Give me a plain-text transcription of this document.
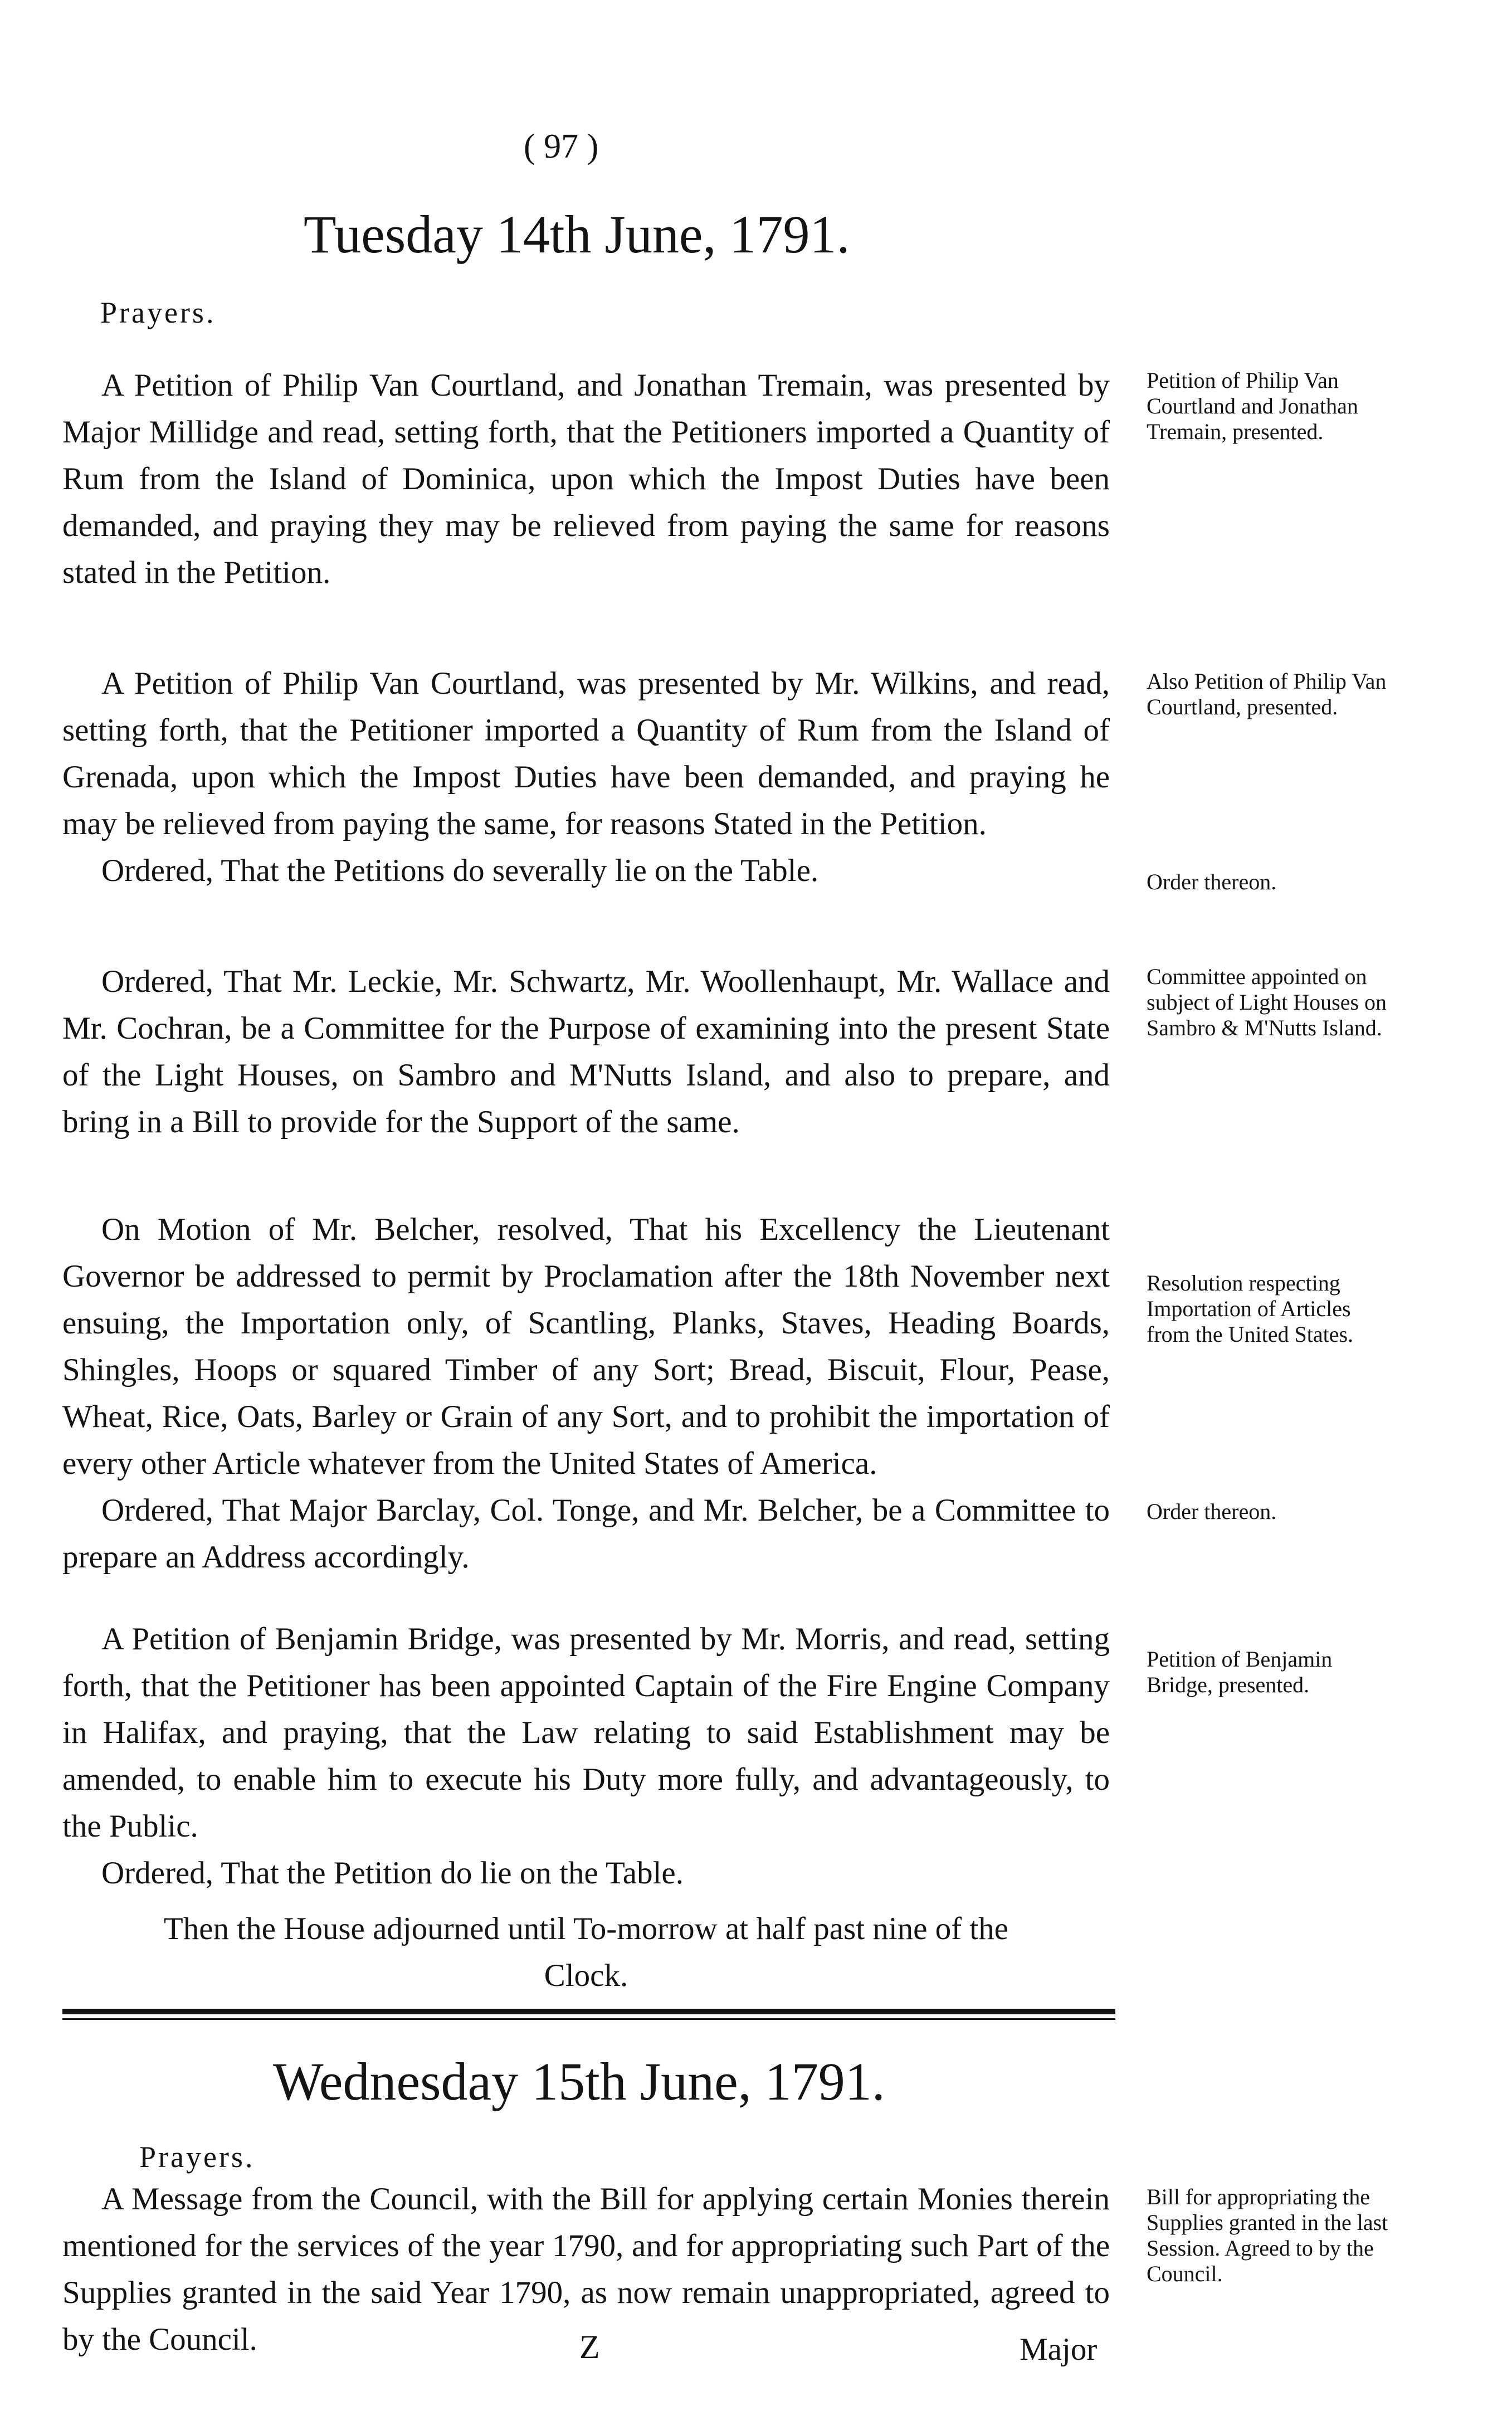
( 97 )
Tuesday 14th June, 1791.
Prayers.

A Petition of Philip Van Courtland, and Jonathan Tremain, was presented by Major Millidge and read, setting forth, that the Petitioners imported a Quantity of Rum from the Island of Dominica, upon which the Impost Duties have been demanded, and praying they may be relieved from paying the same for reasons stated in the Petition.

A Petition of Philip Van Courtland, was presented by Mr. Wilkins, and read, setting forth, that the Petitioner imported a Quantity of Rum from the Island of Grenada, upon which the Impost Duties have been demanded, and praying he may be relieved from paying the same, for reasons Stated in the Petition.

Ordered, That the Petitions do severally lie on the Table.

Ordered, That Mr. Leckie, Mr. Schwartz, Mr. Woollenhaupt, Mr. Wallace and Mr. Cochran, be a Committee for the Purpose of examining into the present State of the Light Houses, on Sambro and M'Nutts Island, and also to prepare, and bring in a Bill to provide for the Support of the same.

On Motion of Mr. Belcher, resolved, That his Excellency the Lieutenant Governor be addressed to permit by Proclamation after the 18th November next ensuing, the Importation only, of Scantling, Planks, Staves, Heading Boards, Shingles, Hoops or squared Timber of any Sort; Bread, Biscuit, Flour, Pease, Wheat, Rice, Oats, Barley or Grain of any Sort, and to prohibit the importation of every other Article whatever from the United States of America.

Ordered, That Major Barclay, Col. Tonge, and Mr. Belcher, be a Committee to prepare an Address accordingly.

A Petition of Benjamin Bridge, was presented by Mr. Morris, and read, setting forth, that the Petitioner has been appointed Captain of the Fire Engine Company in Halifax, and praying, that the Law relating to said Establishment may be amended, to enable him to execute his Duty more fully, and advantageously, to the Public.

Ordered, That the Petition do lie on the Table.

Then the House adjourned until To-morrow at half past nine of the
Clock.
Wednesday 15th June, 1791.
Prayers.

A Message from the Council, with the Bill for applying certain Monies therein mentioned for the services of the year 1790, and for appropriating such Part of the Supplies granted in the said Year 1790, as now remain unappropriated, agreed to by the Council.	Z	Major
Petition of Philip Van Courtland and Jonathan Tremain, presented.
Also Petition of Philip Van Courtland, presented.
Order thereon.
Committee appointed on subject of Light Houses on Sambro & M'Nutts Island.
Resolution respecting Importation of Articles from the United States.
Order thereon.
Petition of Benjamin Bridge, presented.
Bill for appropriating the Supplies granted in the last Session. Agreed to by the Council.
